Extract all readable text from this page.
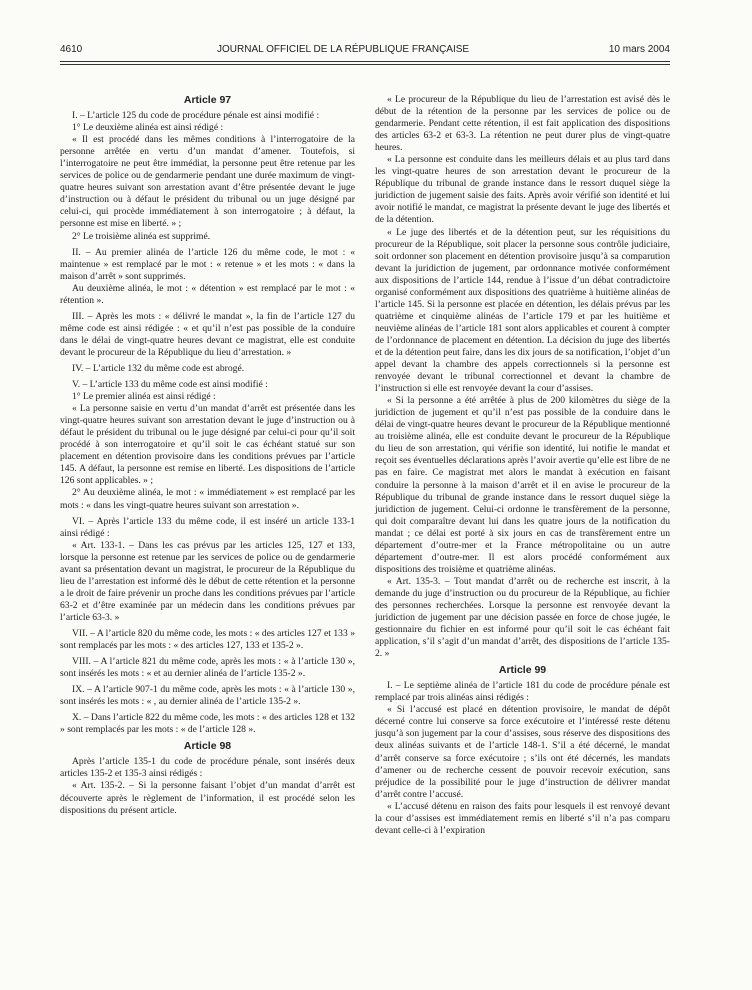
4610	JOURNAL OFFICIEL DE LA RÉPUBLIQUE FRANÇAISE	10 mars 2004
Article 97

I. – L’article 125 du code de procédure pénale est ainsi modifié :

1° Le deuxième alinéa est ainsi rédigé :

« Il est procédé dans les mêmes conditions à l’interrogatoire de la personne arrêtée en vertu d’un mandat d’amener. Toutefois, si l’interrogatoire ne peut être immédiat, la personne peut être retenue par les services de police ou de gendarmerie pendant une durée maximum de vingt-quatre heures suivant son arrestation avant d’être présentée devant le juge d’instruction ou à défaut le président du tribunal ou un juge désigné par celui-ci, qui procède immédiatement à son interrogatoire ; à défaut, la personne est mise en liberté. » ;

2° Le troisième alinéa est supprimé.

II. – Au premier alinéa de l’article 126 du même code, le mot : « maintenue » est remplacé par le mot : « retenue » et les mots : « dans la maison d’arrêt » sont supprimés.

Au deuxième alinéa, le mot : « détention » est remplacé par le mot : « rétention ».

III. – Après les mots : « délivré le mandat », la fin de l’article 127 du même code est ainsi rédigée : « et qu’il n’est pas possible de la conduire dans le délai de vingt-quatre heures devant ce magistrat, elle est conduite devant le procureur de la République du lieu d’arrestation. »

IV. – L’article 132 du même code est abrogé.

V. – L’article 133 du même code est ainsi modifié :

1° Le premier alinéa est ainsi rédigé :

« La personne saisie en vertu d’un mandat d’arrêt est présentée dans les vingt-quatre heures suivant son arrestation devant le juge d’instruction ou à défaut le président du tribunal ou le juge désigné par celui-ci pour qu’il soit procédé à son interrogatoire et qu’il soit le cas échéant statué sur son placement en détention provisoire dans les conditions prévues par l’article 145. A défaut, la personne est remise en liberté. Les dispositions de l’article 126 sont applicables. » ;

2° Au deuxième alinéa, le mot : « immédiatement » est remplacé par les mots : « dans les vingt-quatre heures suivant son arrestation ».

VI. – Après l’article 133 du même code, il est inséré un article 133-1 ainsi rédigé :

« Art. 133-1. – Dans les cas prévus par les articles 125, 127 et 133, lorsque la personne est retenue par les services de police ou de gendarmerie avant sa présentation devant un magistrat, le procureur de la République du lieu de l’arrestation est informé dès le début de cette rétention et la personne a le droit de faire prévenir un proche dans les conditions prévues par l’article 63-2 et d’être examinée par un médecin dans les conditions prévues par l’article 63-3. »

VII. – A l’article 820 du même code, les mots : « des articles 127 et 133 » sont remplacés par les mots : « des articles 127, 133 et 135-2 ».

VIII. – A l’article 821 du même code, après les mots : « à l’article 130 », sont insérés les mots : « et au dernier alinéa de l’article 135-2 ».

IX. – A l’article 907-1 du même code, après les mots : « à l’article 130 », sont insérés les mots : « , au dernier alinéa de l’article 135-2 ».

X. – Dans l’article 822 du même code, les mots : « des articles 128 et 132 » sont remplacés par les mots : « de l’article 128 ».

Article 98

Après l’article 135-1 du code de procédure pénale, sont insérés deux articles 135-2 et 135-3 ainsi rédigés :

« Art. 135-2. – Si la personne faisant l’objet d’un mandat d’arrêt est découverte après le règlement de l’information, il est procédé selon les dispositions du présent article.

« Le procureur de la République du lieu de l’arrestation est avisé dès le début de la rétention de la personne par les services de police ou de gendarmerie. Pendant cette rétention, il est fait application des dispositions des articles 63-2 et 63-3. La rétention ne peut durer plus de vingt-quatre heures.

« La personne est conduite dans les meilleurs délais et au plus tard dans les vingt-quatre heures de son arrestation devant le procureur de la République du tribunal de grande instance dans le ressort duquel siège la juridiction de jugement saisie des faits. Après avoir vérifié son identité et lui avoir notifié le mandat, ce magistrat la présente devant le juge des libertés et de la détention.

« Le juge des libertés et de la détention peut, sur les réquisitions du procureur de la République, soit placer la personne sous contrôle judiciaire, soit ordonner son placement en détention provisoire jusqu’à sa comparution devant la juridiction de jugement, par ordonnance motivée conformément aux dispositions de l’article 144, rendue à l’issue d’un débat contradictoire organisé conformément aux dispositions des quatrième à huitième alinéas de l’article 145. Si la personne est placée en détention, les délais prévus par les quatrième et cinquième alinéas de l’article 179 et par les huitième et neuvième alinéas de l’article 181 sont alors applicables et courent à compter de l’ordonnance de placement en détention. La décision du juge des libertés et de la détention peut faire, dans les dix jours de sa notification, l’objet d’un appel devant la chambre des appels correctionnels si la personne est renvoyée devant le tribunal correctionnel et devant la chambre de l’instruction si elle est renvoyée devant la cour d’assises.

« Si la personne a été arrêtée à plus de 200 kilomètres du siège de la juridiction de jugement et qu’il n’est pas possible de la conduire dans le délai de vingt-quatre heures devant le procureur de la République mentionné au troisième alinéa, elle est conduite devant le procureur de la République du lieu de son arrestation, qui vérifie son identité, lui notifie le mandat et reçoit ses éventuelles déclarations après l’avoir avertie qu’elle est libre de ne pas en faire. Ce magistrat met alors le mandat à exécution en faisant conduire la personne à la maison d’arrêt et il en avise le procureur de la République du tribunal de grande instance dans le ressort duquel siège la juridiction de jugement. Celui-ci ordonne le transfèrement de la personne, qui doit comparaître devant lui dans les quatre jours de la notification du mandat ; ce délai est porté à six jours en cas de transfèrement entre un département d’outre-mer et la France métropolitaine ou un autre département d’outre-mer. Il est alors procédé conformément aux dispositions des troisième et quatrième alinéas.

« Art. 135-3. – Tout mandat d’arrêt ou de recherche est inscrit, à la demande du juge d’instruction ou du procureur de la République, au fichier des personnes recherchées. Lorsque la personne est renvoyée devant la juridiction de jugement par une décision passée en force de chose jugée, le gestionnaire du fichier en est informé pour qu’il soit le cas échéant fait application, s’il s’agit d’un mandat d’arrêt, des dispositions de l’article 135-2. »

Article 99

I. – Le septième alinéa de l’article 181 du code de procédure pénale est remplacé par trois alinéas ainsi rédigés :

« Si l’accusé est placé en détention provisoire, le mandat de dépôt décerné contre lui conserve sa force exécutoire et l’intéressé reste détenu jusqu’à son jugement par la cour d’assises, sous réserve des dispositions des deux alinéas suivants et de l’article 148-1. S’il a été décerné, le mandat d’arrêt conserve sa force exécutoire ; s’ils ont été décernés, les mandats d’amener ou de recherche cessent de pouvoir recevoir exécution, sans préjudice de la possibilité pour le juge d’instruction de délivrer mandat d’arrêt contre l’accusé.

« L’accusé détenu en raison des faits pour lesquels il est renvoyé devant la cour d’assises est immédiatement remis en liberté s’il n’a pas comparu devant celle-ci à l’expiration
